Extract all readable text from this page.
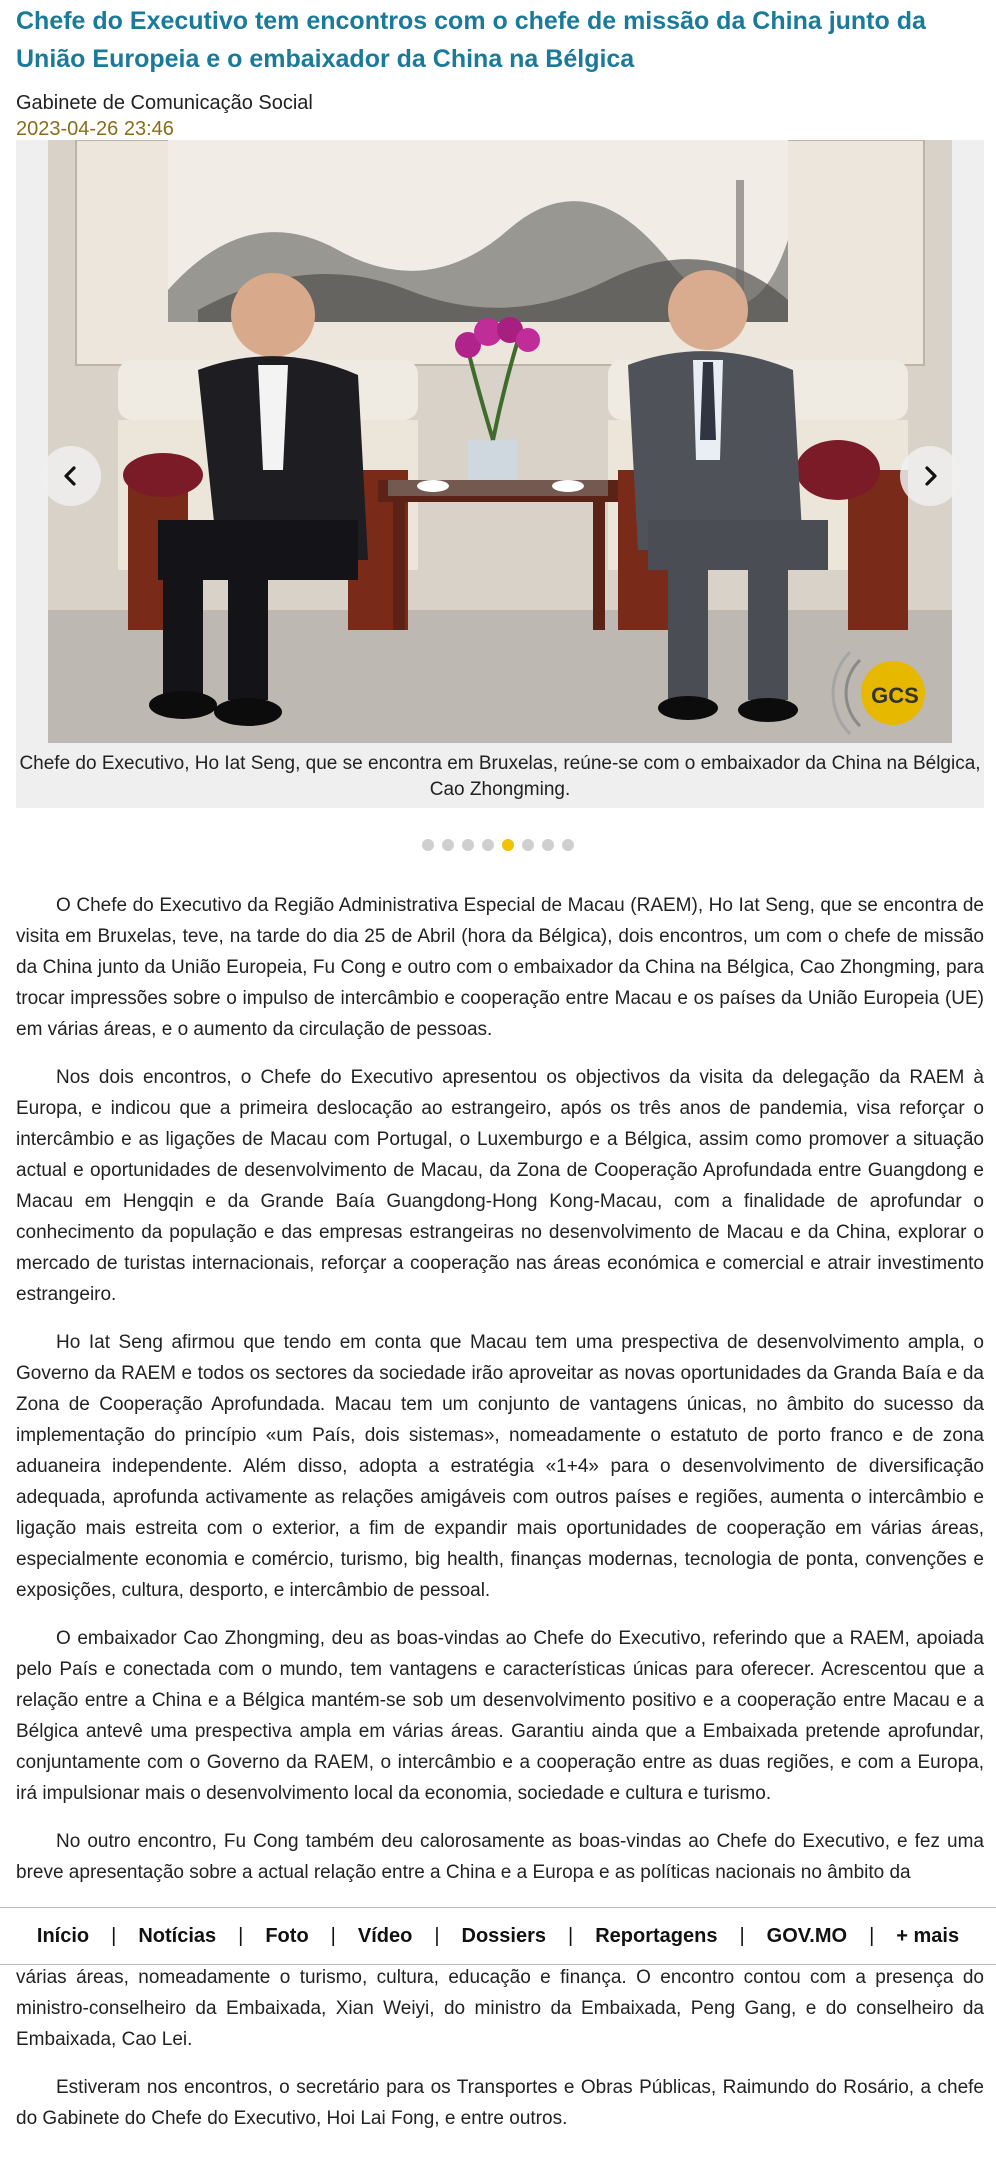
Chefe do Executivo tem encontros com o chefe de missão da China junto da União Europeia e o embaixador da China na Bélgica
Gabinete de Comunicação Social
2023-04-26 23:46
GCS
Chefe do Executivo, Ho Iat Seng, que se encontra em Bruxelas, reúne-se com o embaixador da China na Bélgica, Cao Zhongming.

O Chefe do Executivo da Região Administrativa Especial de Macau (RAEM), Ho Iat Seng, que se encontra de visita em Bruxelas, teve, na tarde do dia 25 de Abril (hora da Bélgica), dois encontros, um com o chefe de missão da China junto da União Europeia, Fu Cong e outro com o embaixador da China na Bélgica, Cao Zhongming, para trocar impressões sobre o impulso de intercâmbio e cooperação entre Macau e os países da União Europeia (UE) em várias áreas, e o aumento da circulação de pessoas.

Nos dois encontros, o Chefe do Executivo apresentou os objectivos da visita da delegação da RAEM à Europa, e indicou que a primeira deslocação ao estrangeiro, após os três anos de pandemia, visa reforçar o intercâmbio e as ligações de Macau com Portugal, o Luxemburgo e a Bélgica, assim como promover a situação actual e oportunidades de desenvolvimento de Macau, da Zona de Cooperação Aprofundada entre Guangdong e Macau em Hengqin e da Grande Baía Guangdong-Hong Kong-Macau, com a finalidade de aprofundar o conhecimento da população e das empresas estrangeiras no desenvolvimento de Macau e da China, explorar o mercado de turistas internacionais, reforçar a cooperação nas áreas económica e comercial e atrair investimento estrangeiro.

Ho Iat Seng afirmou que tendo em conta que Macau tem uma prespectiva de desenvolvimento ampla, o Governo da RAEM e todos os sectores da sociedade irão aproveitar as novas oportunidades da Granda Baía e da Zona de Cooperação Aprofundada. Macau tem um conjunto de vantagens únicas, no âmbito do sucesso da implementação do princípio «um País, dois sistemas», nomeadamente o estatuto de porto franco e de zona aduaneira independente. Além disso, adopta a estratégia «1+4» para o desenvolvimento de diversificação adequada, aprofunda activamente as relações amigáveis com outros países e regiões, aumenta o intercâmbio e ligação mais estreita com o exterior, a fim de expandir mais oportunidades de cooperação em várias áreas, especialmente economia e comércio, turismo, big health, finanças modernas, tecnologia de ponta, convenções e exposições, cultura, desporto, e intercâmbio de pessoal.

O embaixador Cao Zhongming, deu as boas-vindas ao Chefe do Executivo, referindo que a RAEM, apoiada pelo País e conectada com o mundo, tem vantagens e características únicas para oferecer. Acrescentou que a relação entre a China e a Bélgica mantém-se sob um desenvolvimento positivo e a cooperação entre Macau e a Bélgica antevê uma prespectiva ampla em várias áreas. Garantiu ainda que a Embaixada pretende aprofundar, conjuntamente com o Governo da RAEM, o intercâmbio e a cooperação entre as duas regiões, e com a Europa, irá impulsionar mais o desenvolvimento local da economia, sociedade e cultura e turismo.

No outro encontro, Fu Cong também deu calorosamente as boas-vindas ao Chefe do Executivo, e fez uma breve apresentação sobre a actual relação entre a China e a Europa e as políticas nacionais no âmbito da

Início | Notícias | Foto | Vídeo | Dossiers | Reportagens | GOV.MO | + mais

várias áreas, nomeadamente o turismo, cultura, educação e finança. O encontro contou com a presença do ministro-conselheiro da Embaixada, Xian Weiyi, do ministro da Embaixada, Peng Gang, e do conselheiro da Embaixada, Cao Lei.

Estiveram nos encontros, o secretário para os Transportes e Obras Públicas, Raimundo do Rosário, a chefe do Gabinete do Chefe do Executivo, Hoi Lai Fong, e entre outros.
